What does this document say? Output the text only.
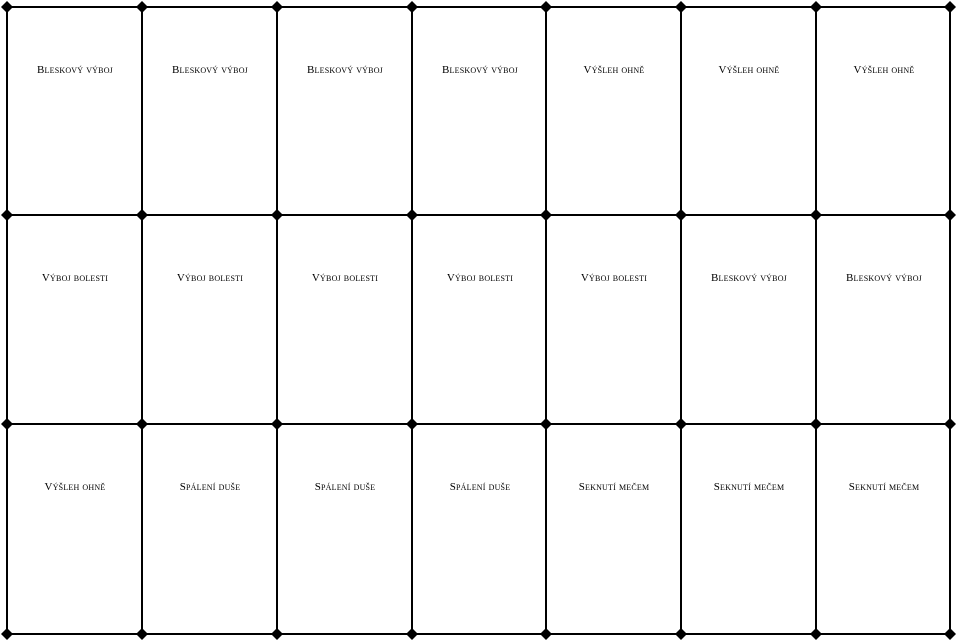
Bleskový výboj	Bleskový výboj	Bleskový výboj	Bleskový výboj	Výšleh ohně	Výšleh ohně	Výšleh ohně
Výboj bolesti	Výboj bolesti	Výboj bolesti	Výboj bolesti	Výboj bolesti	Bleskový výboj	Bleskový výboj
Výšleh ohně	Spálení duše	Spálení duše	Spálení duše	Seknutí mečem	Seknutí mečem	Seknutí mečem
